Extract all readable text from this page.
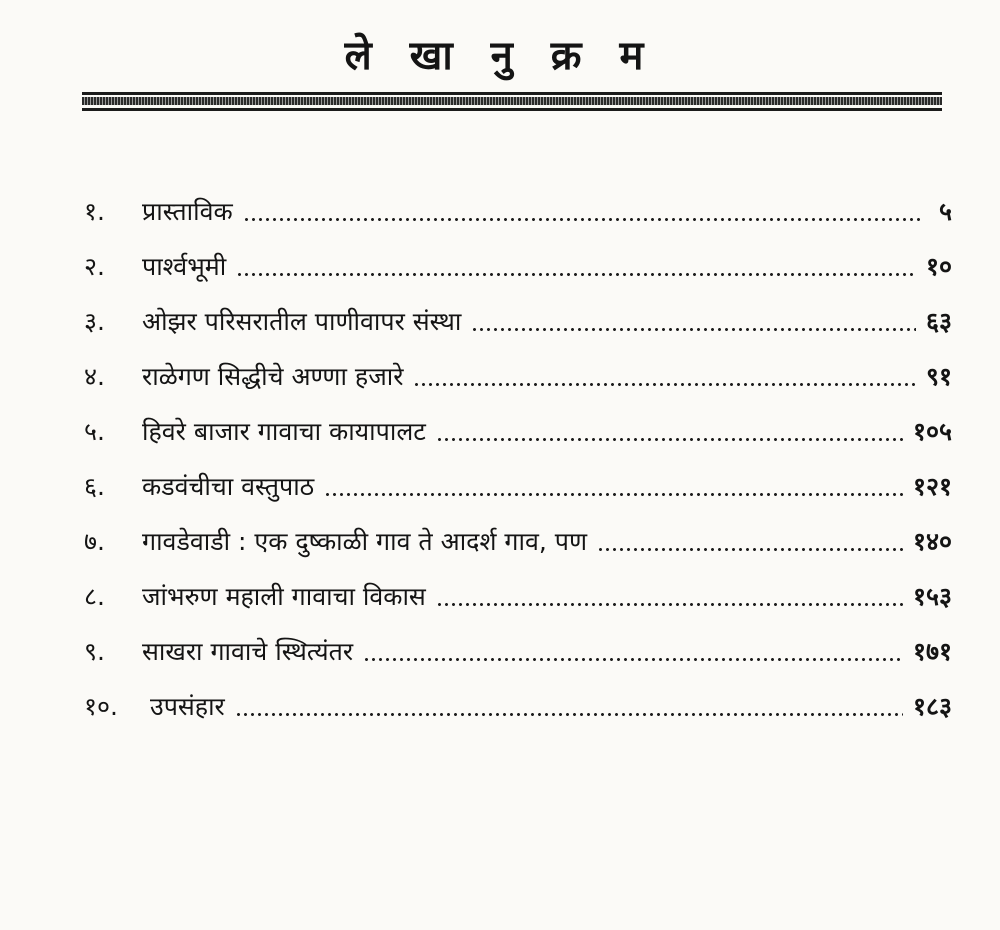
ले खा नु क्र म
१.	प्रास्ताविक	५
२.	पार्श्वभूमी	१०
३.	ओझर परिसरातील पाणीवापर संस्था	६३
४.	राळेगण सिद्धीचे अण्णा हजारे	९१
५.	हिवरे बाजार गावाचा कायापालट	१०५
६.	कडवंचीचा वस्तुपाठ	१२१
७.	गावडेवाडी : एक दुष्काळी गाव ते आदर्श गाव, पण	१४०
८.	जांभरुण महाली गावाचा विकास	१५३
९.	साखरा गावाचे स्थित्यंतर	१७१
१०.	उपसंहार	१८३
